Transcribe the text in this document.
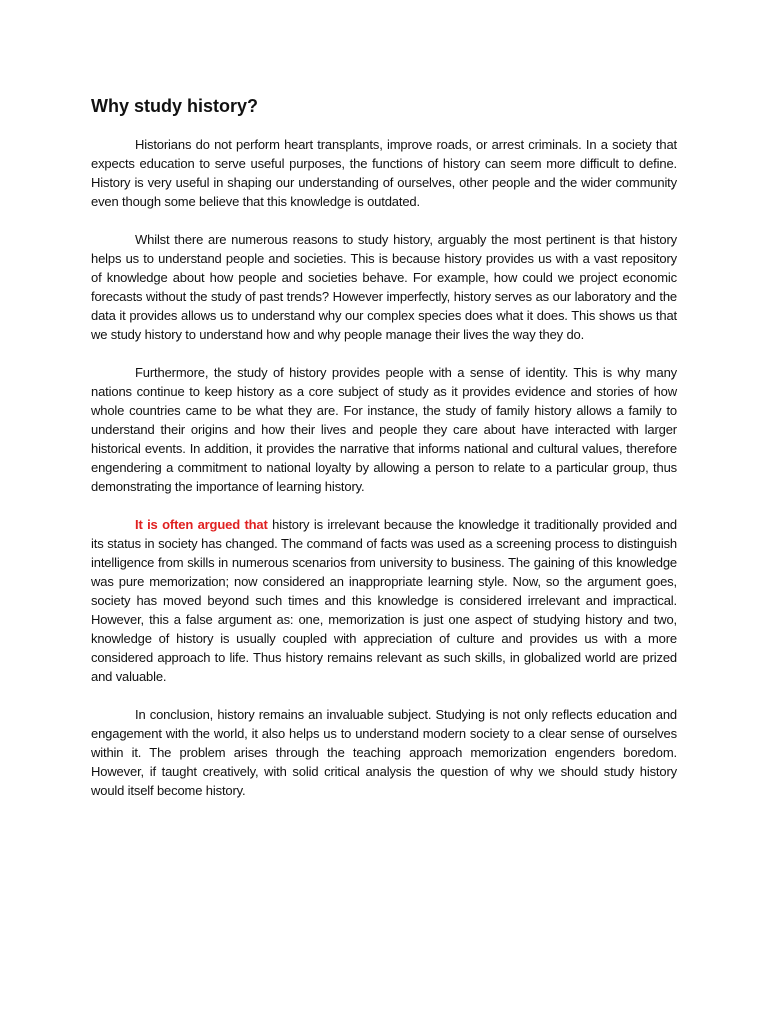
Why study history?

Historians do not perform heart transplants, improve roads, or arrest criminals. In a society that expects education to serve useful purposes, the functions of history can seem more difficult to define. History is very useful in shaping our understanding of ourselves, other people and the wider community even though some believe that this knowledge is outdated.

Whilst there are numerous reasons to study history, arguably the most pertinent is that history helps us to understand people and societies. This is because history provides us with a vast repository of knowledge about how people and societies behave. For example, how could we project economic forecasts without the study of past trends? However imperfectly, history serves as our laboratory and the data it provides allows us to understand why our complex species does what it does. This shows us that we study history to understand how and why people manage their lives the way they do.

Furthermore, the study of history provides people with a sense of identity. This is why many nations continue to keep history as a core subject of study as it provides evidence and stories of how whole countries came to be what they are. For instance, the study of family history allows a family to understand their origins and how their lives and people they care about have interacted with larger historical events. In addition, it provides the narrative that informs national and cultural values, therefore engendering a commitment to national loyalty by allowing a person to relate to a particular group, thus demonstrating the importance of learning history.

It is often argued that history is irrelevant because the knowledge it traditionally provided and its status in society has changed. The command of facts was used as a screening process to distinguish intelligence from skills in numerous scenarios from university to business. The gaining of this knowledge was pure memorization; now considered an inappropriate learning style. Now, so the argument goes, society has moved beyond such times and this knowledge is considered irrelevant and impractical. However, this a false argument as: one, memorization is just one aspect of studying history and two, knowledge of history is usually coupled with appreciation of culture and provides us with a more considered approach to life. Thus history remains relevant as such skills, in globalized world are prized and valuable.

In conclusion, history remains an invaluable subject. Studying is not only reflects education and engagement with the world, it also helps us to understand modern society to a clear sense of ourselves within it. The problem arises through the teaching approach memorization engenders boredom. However, if taught creatively, with solid critical analysis the question of why we should study history would itself become history.
